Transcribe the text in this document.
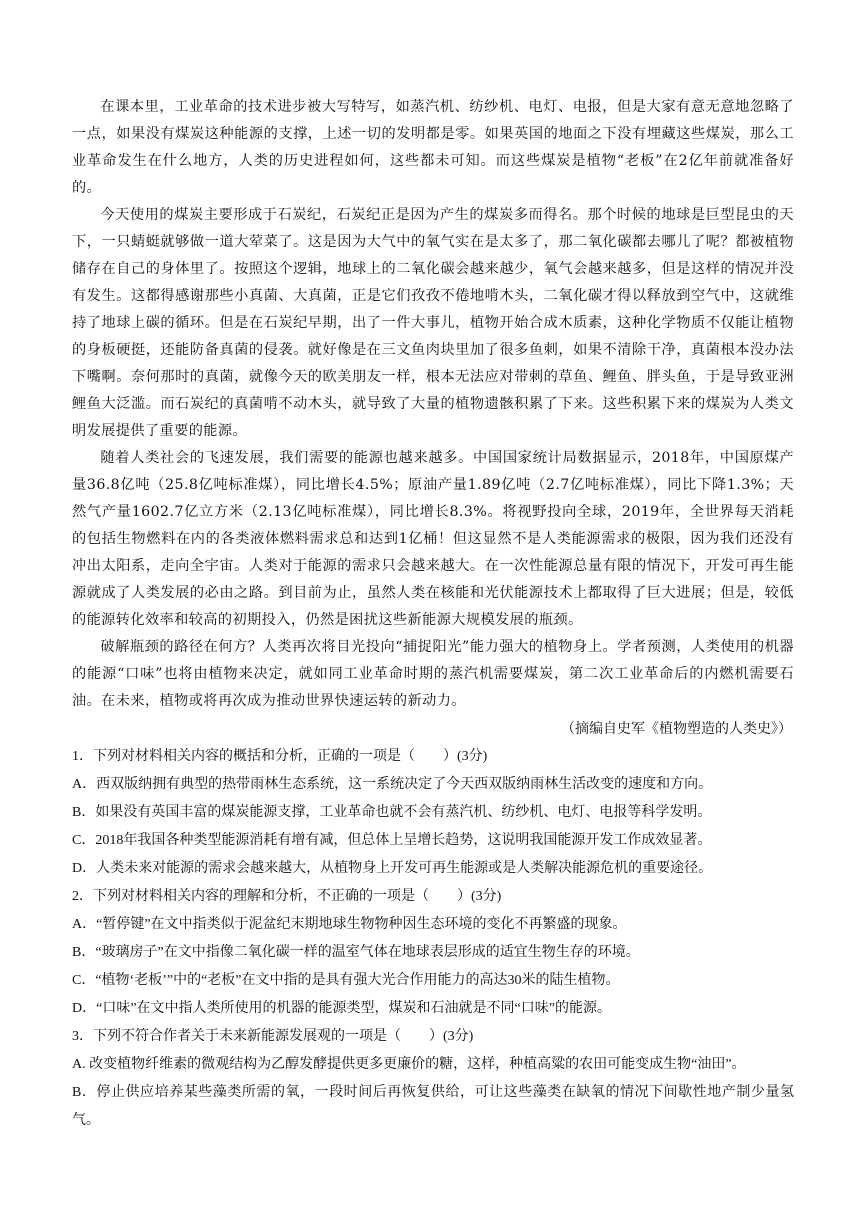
在课本里，工业革命的技术进步被大写特写，如蒸汽机、纺纱机、电灯、电报，但是大家有意无意地忽略了一点，如果没有煤炭这种能源的支撑，上述一切的发明都是零。如果英国的地面之下没有埋藏这些煤炭，那么工业革命发生在什么地方，人类的历史进程如何，这些都未可知。而这些煤炭是植物“老板”在2亿年前就准备好的。

今天使用的煤炭主要形成于石炭纪，石炭纪正是因为产生的煤炭多而得名。那个时候的地球是巨型昆虫的天下，一只蜻蜓就够做一道大荤菜了。这是因为大气中的氧气实在是太多了，那二氧化碳都去哪儿了呢？都被植物储存在自己的身体里了。按照这个逻辑，地球上的二氧化碳会越来越少，氧气会越来越多，但是这样的情况并没有发生。这都得感谢那些小真菌、大真菌，正是它们孜孜不倦地啃木头，二氧化碳才得以释放到空气中，这就维持了地球上碳的循环。但是在石炭纪早期，出了一件大事儿，植物开始合成木质素，这种化学物质不仅能让植物的身板硬挺，还能防备真菌的侵袭。就好像是在三文鱼肉块里加了很多鱼刺，如果不清除干净，真菌根本没办法下嘴啊。奈何那时的真菌，就像今天的欧美朋友一样，根本无法应对带刺的草鱼、鲤鱼、胖头鱼，于是导致亚洲鲤鱼大泛滥。而石炭纪的真菌啃不动木头，就导致了大量的植物遗骸积累了下来。这些积累下来的煤炭为人类文明发展提供了重要的能源。

随着人类社会的飞速发展，我们需要的能源也越来越多。中国国家统计局数据显示，2018年，中国原煤产量36.8亿吨（25.8亿吨标准煤），同比增长4.5%；原油产量1.89亿吨（2.7亿吨标准煤），同比下降1.3%；天然气产量1602.7亿立方米（2.13亿吨标准煤），同比增长8.3%。将视野投向全球，2019年，全世界每天消耗的包括生物燃料在内的各类液体燃料需求总和达到1亿桶！但这显然不是人类能源需求的极限，因为我们还没有冲出太阳系，走向全宇宙。人类对于能源的需求只会越来越大。在一次性能源总量有限的情况下，开发可再生能源就成了人类发展的必由之路。到目前为止，虽然人类在核能和光伏能源技术上都取得了巨大进展；但是，较低的能源转化效率和较高的初期投入，仍然是困扰这些新能源大规模发展的瓶颈。

破解瓶颈的路径在何方？人类再次将目光投向“捕捉阳光”能力强大的植物身上。学者预测，人类使用的机器的能源“口味”也将由植物来决定，就如同工业革命时期的蒸汽机需要煤炭，第二次工业革命后的内燃机需要石油。在未来，植物或将再次成为推动世界快速运转的新动力。

（摘编自史军《植物塑造的人类史》）

1．下列对材料相关内容的概括和分析，正确的一项是（　　）(3分)

A．西双版纳拥有典型的热带雨林生态系统，这一系统决定了今天西双版纳雨林生活改变的速度和方向。

B．如果没有英国丰富的煤炭能源支撑，工业革命也就不会有蒸汽机、纺纱机、电灯、电报等科学发明。

C．2018年我国各种类型能源消耗有增有减，但总体上呈增长趋势，这说明我国能源开发工作成效显著。

D．人类未来对能源的需求会越来越大，从植物身上开发可再生能源或是人类解决能源危机的重要途径。

2．下列对材料相关内容的理解和分析，不正确的一项是（　　）(3分)

A．“暂停键”在文中指类似于泥盆纪末期地球生物物种因生态环境的变化不再繁盛的现象。

B．“玻璃房子”在文中指像二氧化碳一样的温室气体在地球表层形成的适宜生物生存的环境。

C．“植物‘老板’”中的“老板”在文中指的是具有强大光合作用能力的高达30米的陆生植物。

D．“口味”在文中指人类所使用的机器的能源类型，煤炭和石油就是不同“口味”的能源。

3．下列不符合作者关于未来新能源发展观的一项是（　　）(3分)

A. 改变植物纤维素的微观结构为乙醇发酵提供更多更廉价的糖，这样，种植高粱的农田可能变成生物“油田”。

B．停止供应培养某些藻类所需的氧，一段时间后再恢复供给，可让这些藻类在缺氧的情况下间歇性地产制少量氢气。
